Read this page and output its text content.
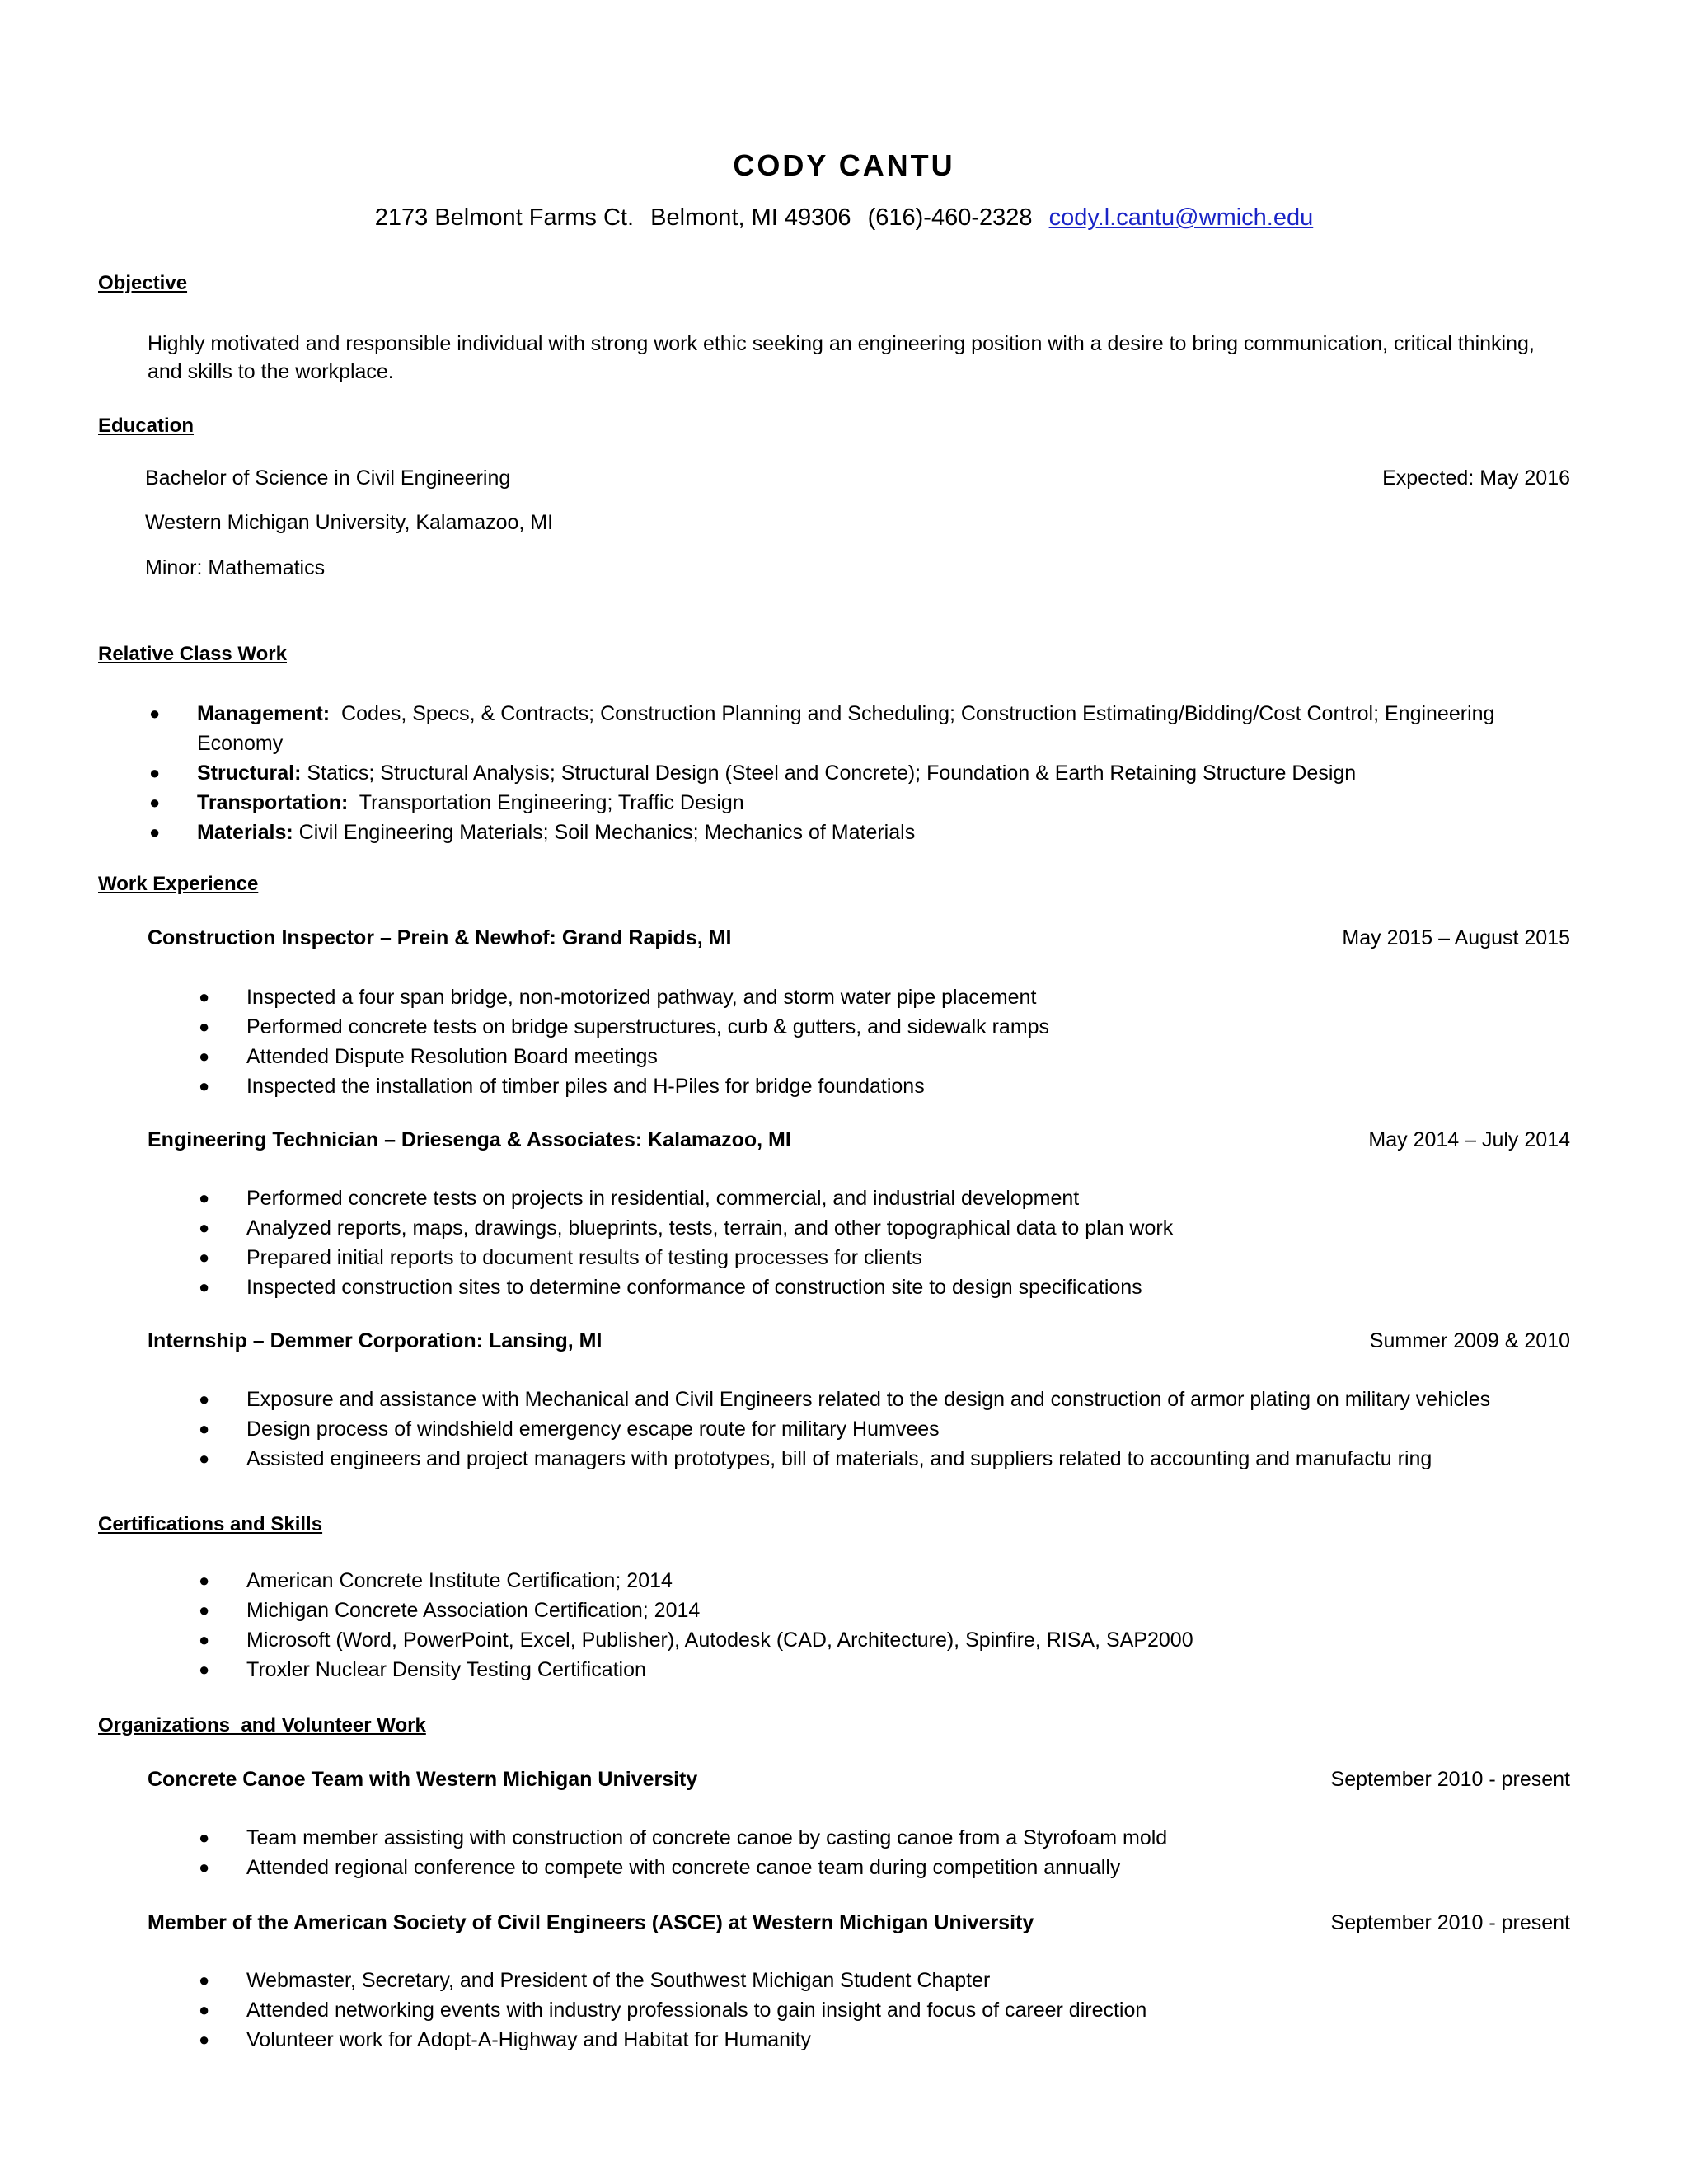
CODY CANTU
2173 Belmont Farms Ct. Belmont, MI 49306 (616)-460-2328 cody.l.cantu@wmich.edu
Objective
Highly motivated and responsible individual with strong work ethic seeking an engineering position with a desire to bring communication, critical thinking, and skills to the workplace.
Education
Bachelor of Science in Civil Engineering	Expected: May 2016
Western Michigan University, Kalamazoo, MI
Minor: Mathematics
Relative Class Work
● Management: Codes, Specs, & Contracts; Construction Planning and Scheduling; Construction Estimating/Bidding/Cost Control; Engineering Economy
● Structural: Statics; Structural Analysis; Structural Design (Steel and Concrete); Foundation & Earth Retaining Structure Design
● Transportation: Transportation Engineering; Traffic Design
● Materials: Civil Engineering Materials; Soil Mechanics; Mechanics of Materials
Work Experience
Construction Inspector – Prein & Newhof: Grand Rapids, MI	May 2015 – August 2015
● Inspected a four span bridge, non-motorized pathway, and storm water pipe placement
● Performed concrete tests on bridge superstructures, curb & gutters, and sidewalk ramps
● Attended Dispute Resolution Board meetings
● Inspected the installation of timber piles and H-Piles for bridge foundations
Engineering Technician – Driesenga & Associates: Kalamazoo, MI	May 2014 – July 2014
● Performed concrete tests on projects in residential, commercial, and industrial development
● Analyzed reports, maps, drawings, blueprints, tests, terrain, and other topographical data to plan work
● Prepared initial reports to document results of testing processes for clients
● Inspected construction sites to determine conformance of construction site to design specifications
Internship – Demmer Corporation: Lansing, MI	Summer 2009 & 2010
● Exposure and assistance with Mechanical and Civil Engineers related to the design and construction of armor plating on military vehicles
● Design process of windshield emergency escape route for military Humvees
● Assisted engineers and project managers with prototypes, bill of materials, and suppliers related to accounting and manufactu ring
Certifications and Skills
● American Concrete Institute Certification; 2014
● Michigan Concrete Association Certification; 2014
● Microsoft (Word, PowerPoint, Excel, Publisher), Autodesk (CAD, Architecture), Spinfire, RISA, SAP2000
● Troxler Nuclear Density Testing Certification
Organizations  and Volunteer Work
Concrete Canoe Team with Western Michigan University	September 2010 - present
● Team member assisting with construction of concrete canoe by casting canoe from a Styrofoam mold
● Attended regional conference to compete with concrete canoe team during competition annually
Member of the American Society of Civil Engineers (ASCE) at Western Michigan University	September 2010 - present
● Webmaster, Secretary, and President of the Southwest Michigan Student Chapter
● Attended networking events with industry professionals to gain insight and focus of career direction
● Volunteer work for Adopt-A-Highway and Habitat for Humanity
